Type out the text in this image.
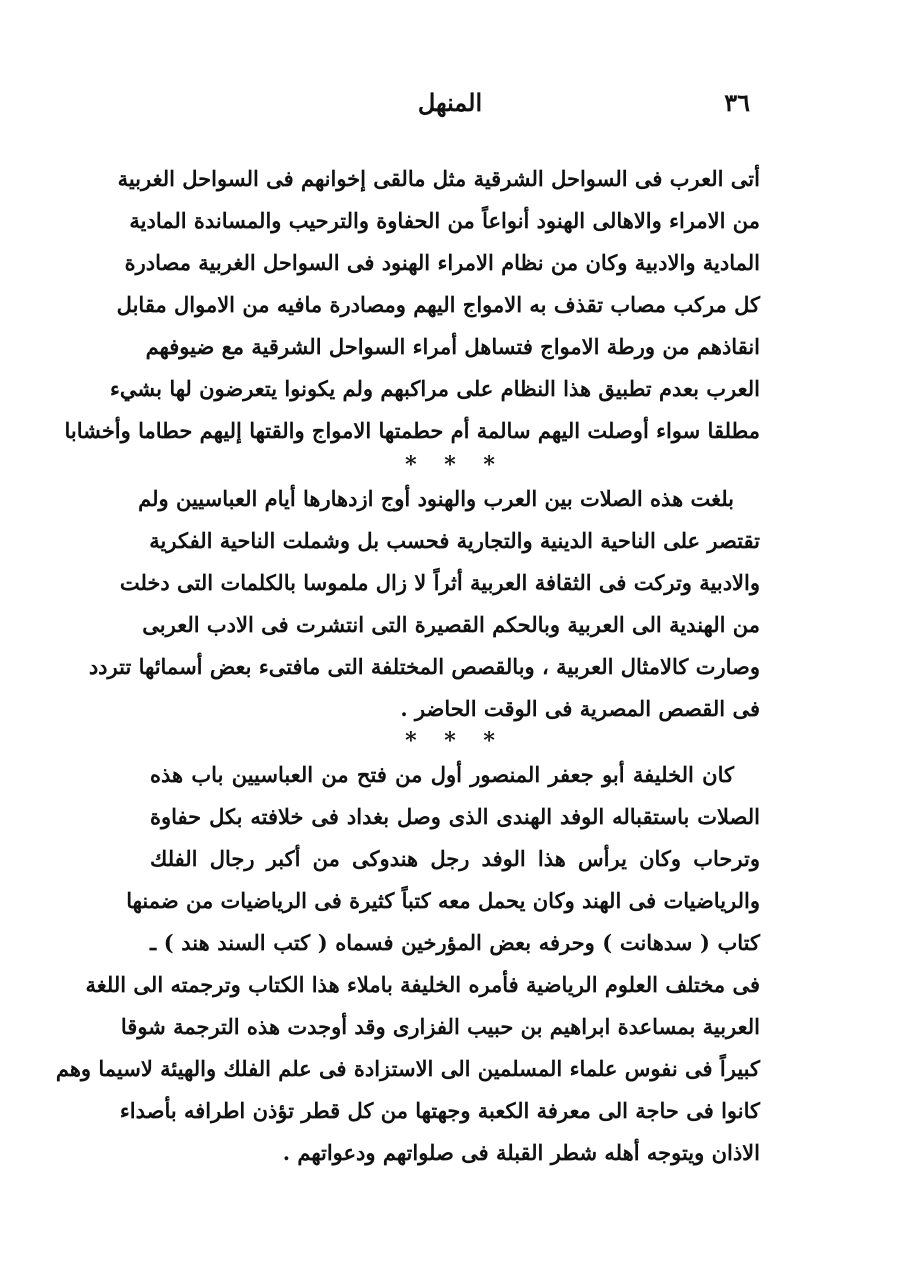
٣٦
المنهل
أتى العرب فى السواحل الشرقية مثل مالقى إخوانهم فى السواحل الغربية
من الامراء والاهالى الهنود أنواعاً من الحفاوة والترحيب والمساندة المادية
المادية والادبية وكان من نظام الامراء الهنود فى السواحل الغربية مصادرة
كل مركب مصاب تقذف به الامواج اليهم ومصادرة مافيه من الاموال مقابل
انقاذهم من ورطة الامواج فتساهل أمراء السواحل الشرقية مع ضيوفهم
العرب بعدم تطبيق هذا النظام على مراكبهم ولم يكونوا يتعرضون لها بشيء
مطلقا سواء أوصلت اليهم سالمة أم حطمتها الامواج والقتها إليهم حطاما وأخشابا
* * *
بلغت هذه الصلات بين العرب والهنود أوج ازدهارها أيام العباسيين ولم
تقتصر على الناحية الدينية والتجارية فحسب بل وشملت الناحية الفكرية
والادبية وتركت فى الثقافة العربية أثراً لا زال ملموسا بالكلمات التى دخلت
من الهندية الى العربية وبالحكم القصيرة التى انتشرت فى الادب العربى
وصارت كالامثال العربية ، وبالقصص المختلفة التى مافتىء بعض أسمائها تتردد
فى القصص المصرية فى الوقت الحاضر .
* * *
كان الخليفة أبو جعفر المنصور أول من فتح من العباسيين باب هذه
الصلات باستقباله الوفد الهندى الذى وصل بغداد فى خلافته بكل حفاوة
وترحاب وكان يرأس هذا الوفد رجل هندوكى من أكبر رجال الفلك
والرياضيات فى الهند وكان يحمل معه كتباً كثيرة فى الرياضيات من ضمنها
كتاب ( سدهانت ) وحرفه بعض المؤرخين فسماه ( كتب السند هند ) ـ
فى مختلف العلوم الرياضية فأمره الخليفة باملاء هذا الكتاب وترجمته الى اللغة
العربية بمساعدة ابراهيم بن حبيب الفزارى وقد أوجدت هذه الترجمة شوقا
كبيراً فى نفوس علماء المسلمين الى الاستزادة فى علم الفلك والهيئة لاسيما وهم
كانوا فى حاجة الى معرفة الكعبة وجهتها من كل قطر تؤذن اطرافه بأصداء
الاذان ويتوجه أهله شطر القبلة فى صلواتهم ودعواتهم .
